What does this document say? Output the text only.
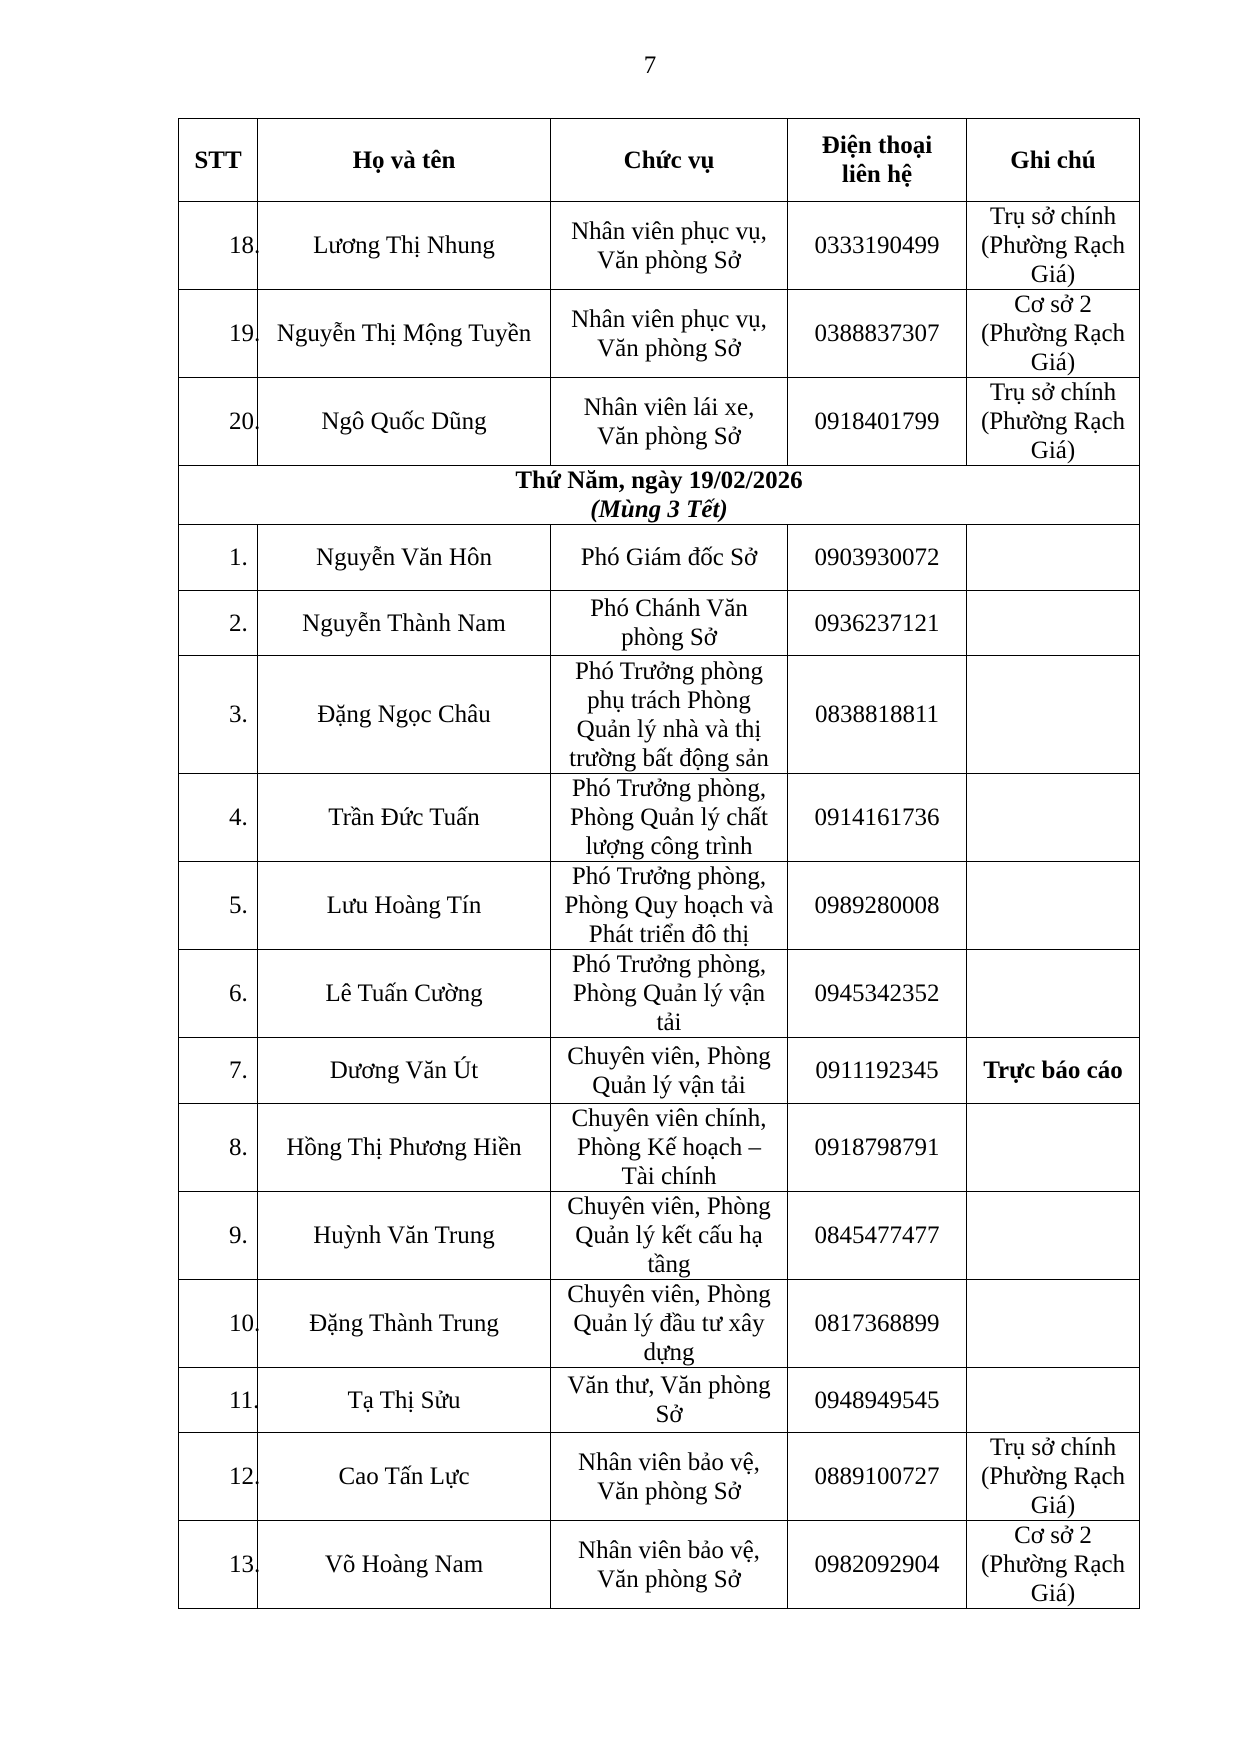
7
STT	Họ và tên	Chức vụ	Điện thoại liên hệ	Ghi chú
18.	Lương Thị Nhung	Nhân viên phục vụ, Văn phòng Sở	0333190499	Trụ sở chính (Phường Rạch Giá)
19.	Nguyễn Thị Mộng Tuyền	Nhân viên phục vụ, Văn phòng Sở	0388837307	Cơ sở 2 (Phường Rạch Giá)
20.	Ngô Quốc Dũng	Nhân viên lái xe, Văn phòng Sở	0918401799	Trụ sở chính (Phường Rạch Giá)

Thứ Năm, ngày 19/02/2026
(Mùng 3 Tết)				

1.	Nguyễn Văn Hôn	Phó Giám đốc Sở	0903930072	
2.	Nguyễn Thành Nam	Phó Chánh Văn phòng Sở	0936237121	
3.	Đặng Ngọc Châu	Phó Trưởng phòng phụ trách Phòng Quản lý nhà và thị trường bất động sản	0838818811	
4.	Trần Đức Tuấn	Phó Trưởng phòng, Phòng Quản lý chất lượng công trình	0914161736	
5.	Lưu Hoàng Tín	Phó Trưởng phòng, Phòng Quy hoạch và Phát triển đô thị	0989280008	
6.	Lê Tuấn Cường	Phó Trưởng phòng, Phòng Quản lý vận tải	0945342352	
7.	Dương Văn Út	Chuyên viên, Phòng Quản lý vận tải	0911192345	Trực báo cáo
8.	Hồng Thị Phương Hiền	Chuyên viên chính, Phòng Kế hoạch – Tài chính	0918798791	
9.	Huỳnh Văn Trung	Chuyên viên, Phòng Quản lý kết cấu hạ tầng	0845477477	
10.	Đặng Thành Trung	Chuyên viên, Phòng Quản lý đầu tư xây dựng	0817368899	
11.	Tạ Thị Sửu	Văn thư, Văn phòng Sở	0948949545	
12.	Cao Tấn Lực	Nhân viên bảo vệ, Văn phòng Sở	0889100727	Trụ sở chính (Phường Rạch Giá)
13.	Võ Hoàng Nam	Nhân viên bảo vệ, Văn phòng Sở	0982092904	Cơ sở 2 (Phường Rạch Giá)
